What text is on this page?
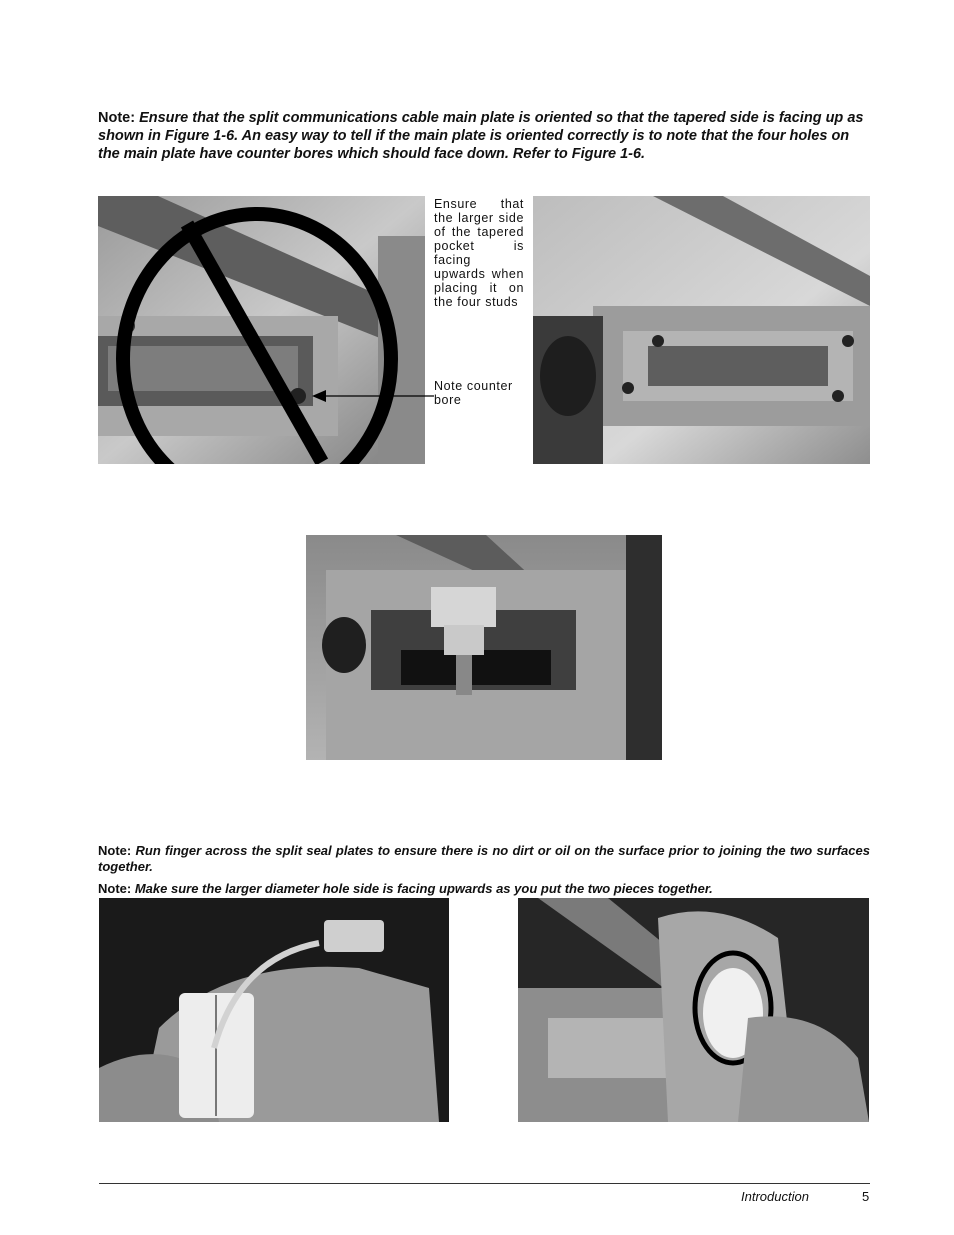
Note: Ensure that the split communications cable main plate is oriented so that the tapered side is facing up as shown in Figure 1-6. An easy way to tell if the main plate is oriented correctly is to note that the four holes on the main plate have counter bores which should face down. Refer to Figure 1-6.
Ensure that the larger side of the tapered pocket is facing upwards when placing it on the four studs
Note counter bore
Note: Run finger across the split seal plates to ensure there is no dirt or oil on the surface prior to joining the two surfaces together.
Note: Make sure the larger diameter hole side is facing upwards as you put the two pieces together.
Introduction	5
